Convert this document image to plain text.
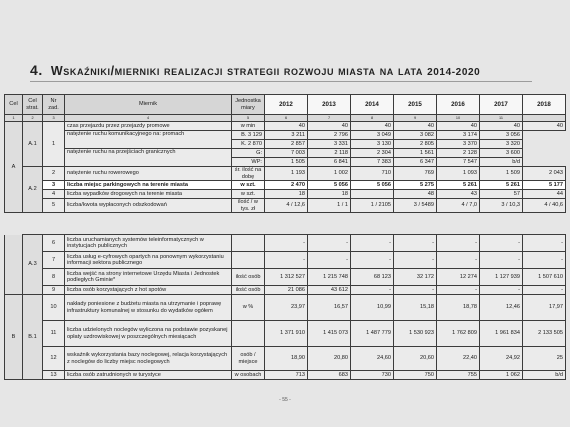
4. Wskaźniki/mierniki realizacji strategii rozwoju miasta na lata 2014-2020
Cel	Cel strat.	Nr zad.	Miernik	Jednostka miary	2012	2013	2014	2015	2016	2017	2018
1	2	3	4	5	6	7	8	9	10	11	
A	A.1	1	czas przejazdu przez przejazdy promowe	w min	40	40	40	40	40	40	40
			natężenie ruchu komunikacyjnego na: promach	B. 3 129	3 211	2 796	3 049	3 082	3 174	3 056	
				K. 2 870	2 857	3 331	3 130	2 805	3 370	3 320	
			natężenie ruchu na przejściach granicznych	G:	7 003	2 118	2 304	1 561	2 128	3 600	
				WP:	1 505	6 841	7 383	6 347	7 547	b/d	
	A.2	2	natężenie ruchu rowerowego	śr. ilość na dobę	1 193	1 002	710	769	1 093	1 509	2 043
		3	liczba miejsc parkingowych na terenie miasta	w szt.	2 470	5 056	5 056	5 275	5 261	5 261	5 177
		4	liczba wypadków drogowych na terenie miasta	w szt.	18	18		48	43	57	44
		5	liczba/kwota wypłaconych odszkodowań	ilość / w tys. zł	4 / 12,6	1 / 1	1 / 2105	3 / 5489	4 / 7,0	3 / 10,3	4 / 40,6
	A.3	6	liczba uruchamianych systemów teleinformatycznych w instytucjach publicznych		-	-	-	-	-	-	-
		7	liczba usług e-cyfrowych opartych na ponownym wykorzystaniu informacji sektora publicznego		-	-	-	-	-	-	-
		8	liczba wejść na strony internetowe Urzędu Miasta i Jednostek podległych Gminie*	ilość osób	1 312 527	1 215 748	68 123	32 172	12 274	1 127 939	1 507 610
		9	liczba osób korzystających z hot spotów	ilość osób	21 086	43 612	-	-	-	-	-
B	B.1	10	nakłady poniesione z budżetu miasta na utrzymanie i poprawę infrastruktury komunalnej w stosunku do wydatków ogółem	w %	23,97	16,57	10,99	15,18	18,78	12,46	17,97
		11	liczba udzielonych noclegów wyliczona na podstawie pozyskanej opłaty uzdrowiskowej w poszczególnych miesiącach		1 371 910	1 415 073	1 487 779	1 530 923	1 762 809	1 961 834	2 133 505
		12	wskaźnik wykorzystania bazy noclegowej, relacja korzystających z noclegów do liczby miejsc noclegowych	osób / miejsce	18,90	20,80	24,60	20,60	22,40	24,92	25
		13	liczba osób zatrudnionych w turystyce	w osobach	713	683	730	750	755	1 062	b/d
- 55 -
